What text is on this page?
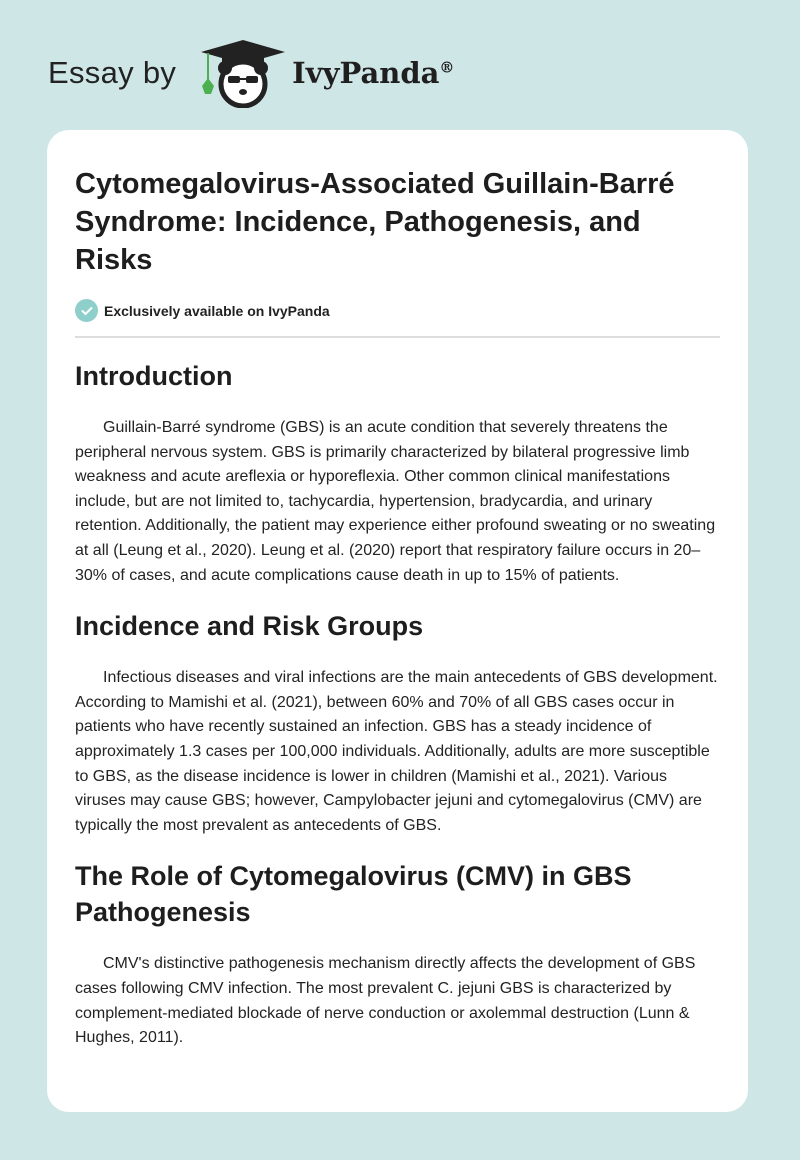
Essay by	IvyPanda®
Cytomegalovirus-Associated Guillain-Barré Syndrome: Incidence, Pathogenesis, and Risks
Exclusively available on IvyPanda
Introduction

Guillain-Barré syndrome (GBS) is an acute condition that severely threatens the peripheral nervous system. GBS is primarily characterized by bilateral progressive limb weakness and acute areflexia or hyporeflexia. Other common clinical manifestations include, but are not limited to, tachycardia, hypertension, bradycardia, and urinary retention. Additionally, the patient may experience either profound sweating or no sweating at all (Leung et al., 2020). Leung et al. (2020) report that respiratory failure occurs in 20–30% of cases, and acute complications cause death in up to 15% of patients.

Incidence and Risk Groups

Infectious diseases and viral infections are the main antecedents of GBS development. According to Mamishi et al. (2021), between 60% and 70% of all GBS cases occur in patients who have recently sustained an infection. GBS has a steady incidence of approximately 1.3 cases per 100,000 individuals. Additionally, adults are more susceptible to GBS, as the disease incidence is lower in children (Mamishi et al., 2021). Various viruses may cause GBS; however, Campylobacter jejuni and cytomegalovirus (CMV) are typically the most prevalent as antecedents of GBS.

The Role of Cytomegalovirus (CMV) in GBS Pathogenesis

CMV's distinctive pathogenesis mechanism directly affects the development of GBS cases following CMV infection. The most prevalent C. jejuni GBS is characterized by complement-mediated blockade of nerve conduction or axolemmal destruction (Lunn & Hughes, 2011).
